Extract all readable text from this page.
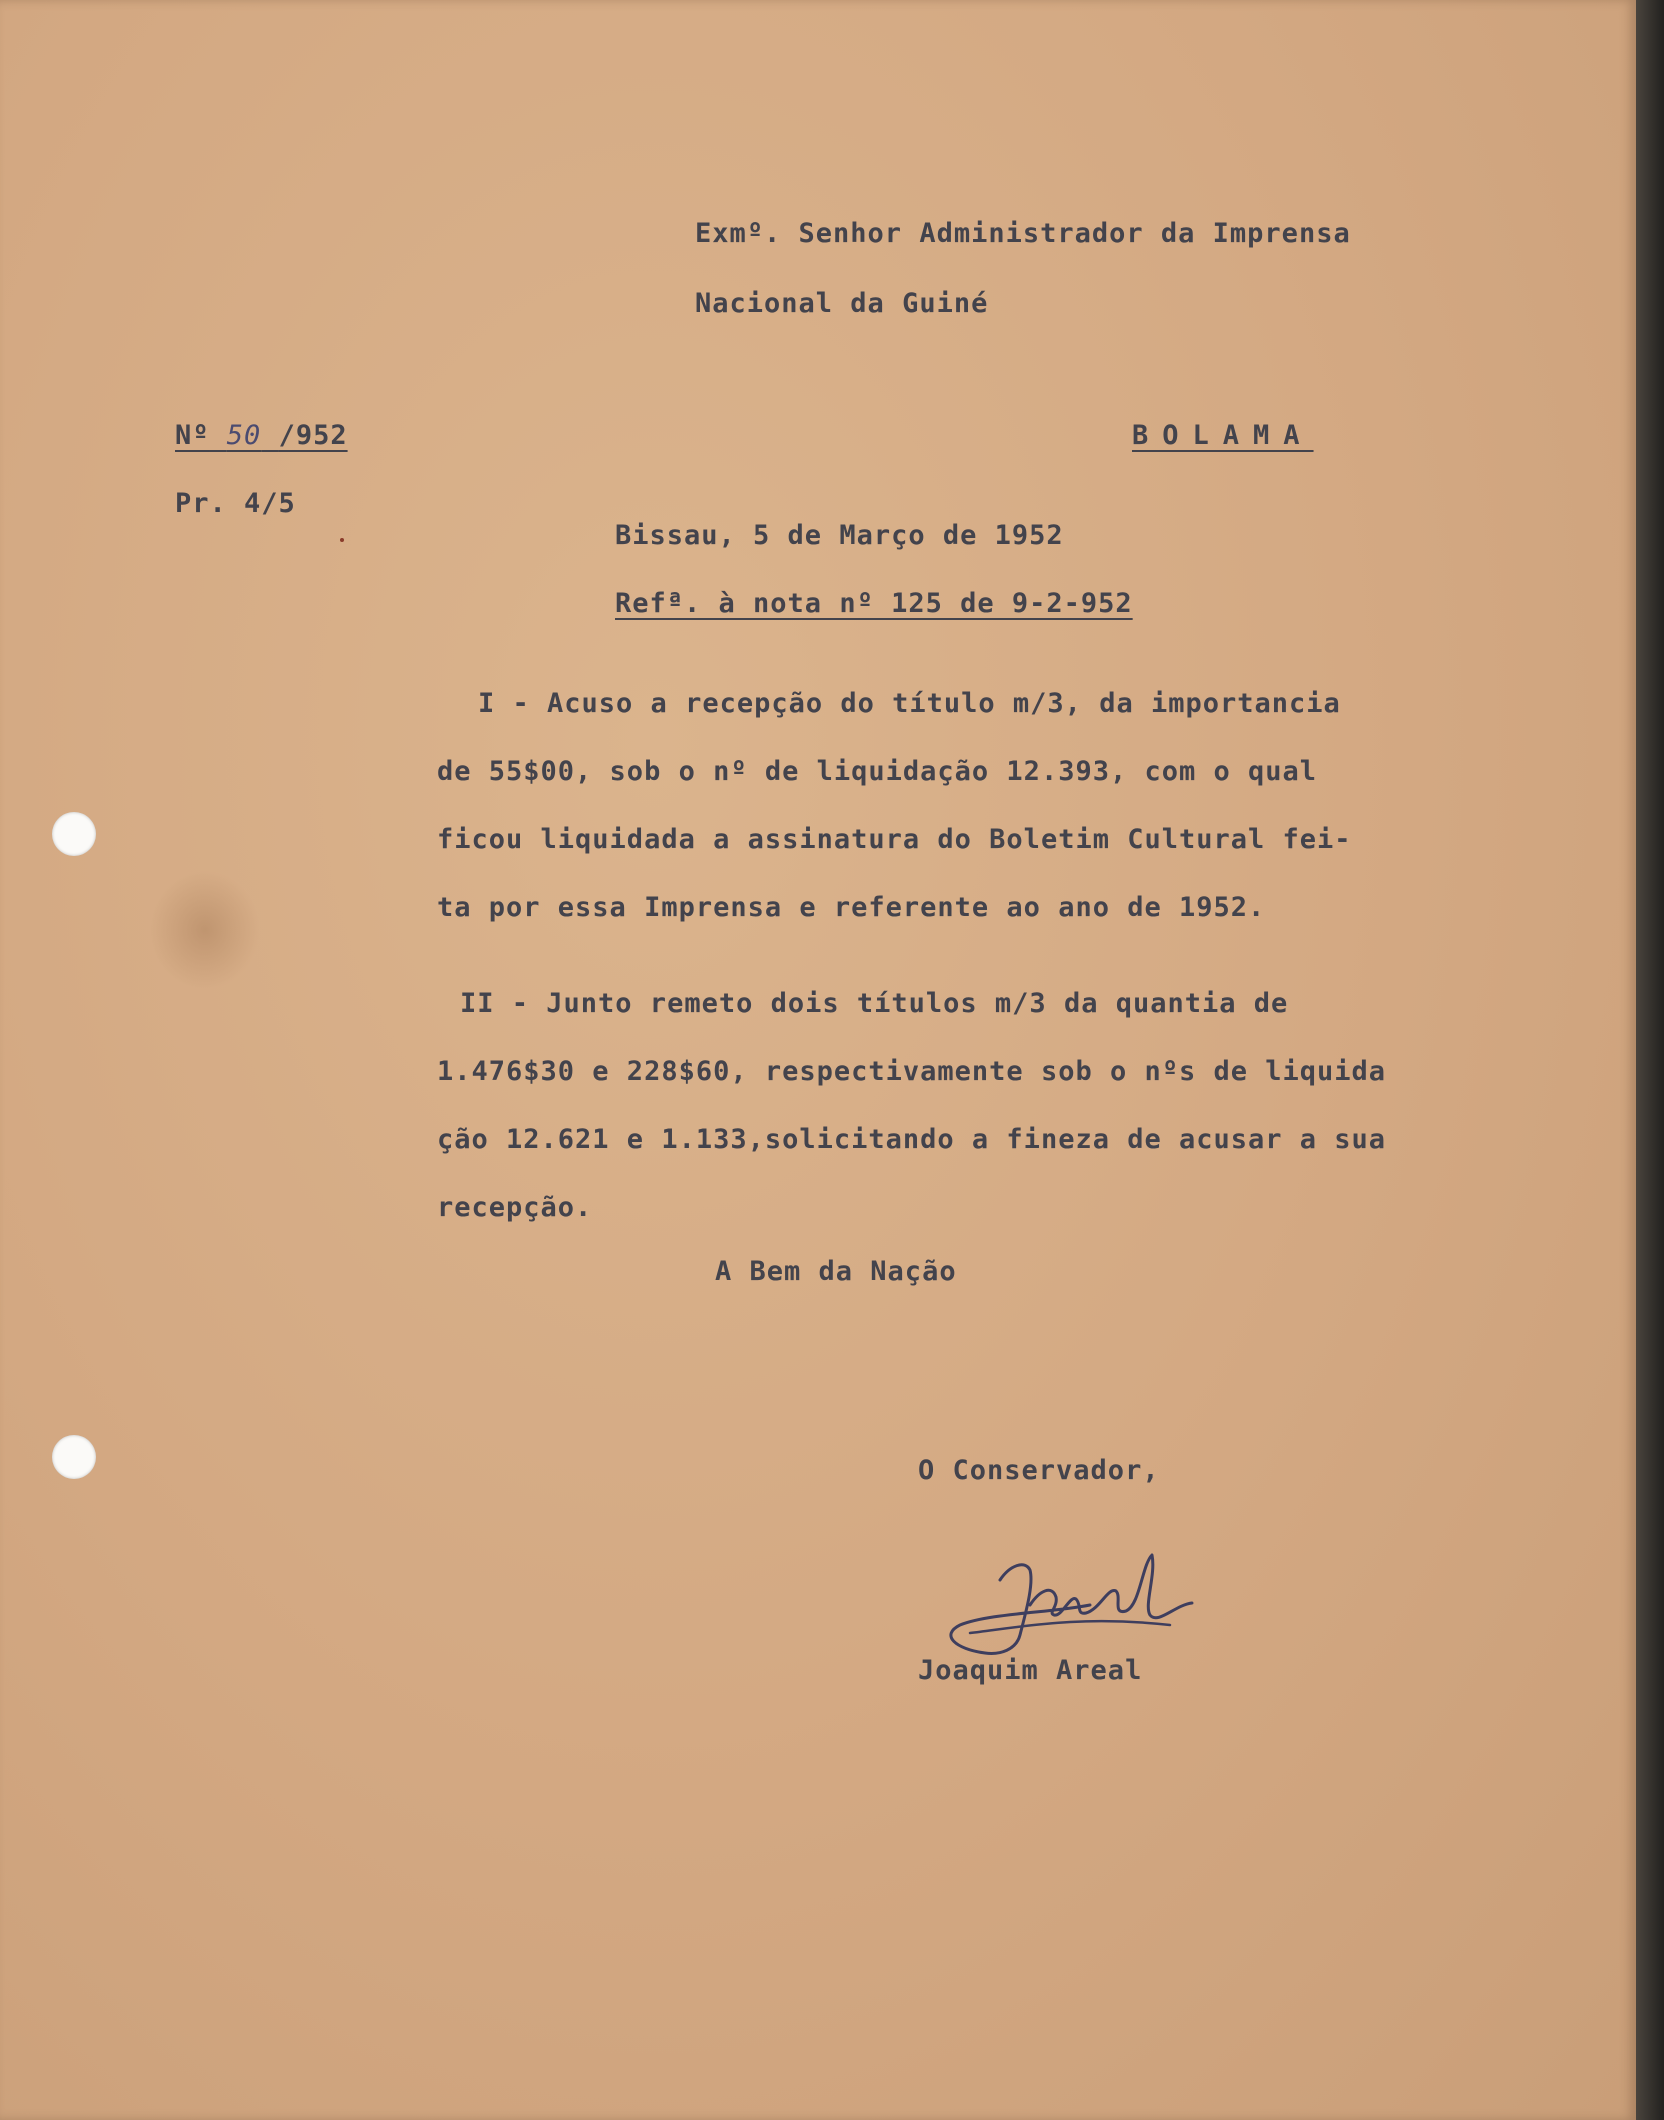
Exmº. Senhor Administrador da Imprensa

Nacional da Guiné

Nº 50 /952

Pr. 4/5

BOLAMA

Bissau, 5 de Março de 1952

Refª. à nota nº 125 de 9-2-952

I - Acuso a recepção do título m/3, da importancia

de 55$00, sob o nº de liquidação 12.393, com o qual

ficou liquidada a assinatura do Boletim Cultural fei-

ta por essa Imprensa e referente ao ano de 1952.

II - Junto remeto dois títulos m/3 da quantia de

1.476$30 e 228$60, respectivamente sob o nºs de liquida

ção 12.621 e 1.133,solicitando a fineza de acusar a sua

recepção.

A Bem da Nação

O Conservador,

Joaquim Areal
